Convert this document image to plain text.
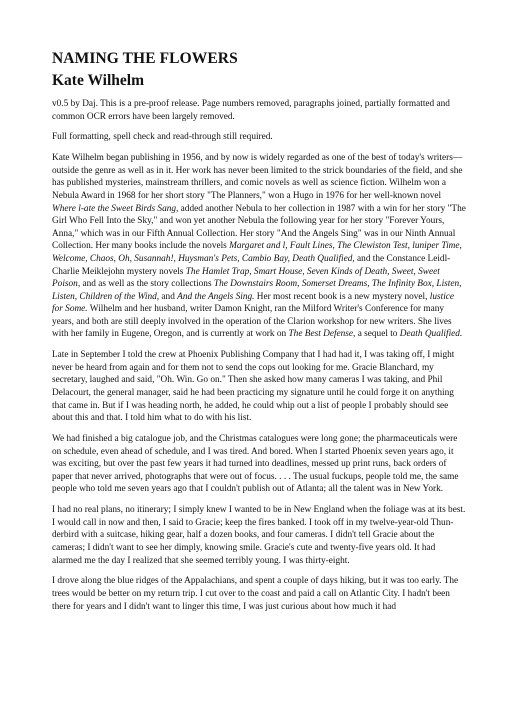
NAMING THE FLOWERS
Kate Wilhelm

v0.5 by Daj. This is a pre-proof release. Page numbers removed, paragraphs joined, partially formatted and common OCR errors have been largely removed.

Full formatting, spell check and read-through still required.

Kate Wilhelm began publishing in 1956, and by now is widely regarded as one of the best of today's writers—outside the genre as well as in it. Her work has never been limited to the strick boundaries of the field, and she has published mysteries, mainstream thrillers, and comic novels as well as science fiction. Wilhelm won a Nebula Award in 1968 for her short story "The Planners," won a Hugo in 1976 for her well-known novel Where l-ate the Sweet Birds Sang, added another Nebula to her collection in 1987 with a win for her story "The Girl Who Fell Into the Sky," and won yet another Nebula the following year for her story "Forever Yours, Anna," which was in our Fifth Annual Collection. Her story "And the Angels Sing" was in our Ninth Annual Collection. Her many books include the novels Margaret and l, Fault Lines, The Clewiston Test, luniper Time, Welcome, Chaos, Oh, Susannah!, Huysman's Pets, Cambio Bay, Death Qualified, and the Constance Leidl-Charlie Meiklejohn mystery novels The Hamlet Trap, Smart House, Seven Kinds of Death, Sweet, Sweet Poison, and as well as the story collections The Downstairs Room, Somerset Dreams, The Infinity Box, Listen, Listen, Children of the Wind, and And the Angels Sing. Her most recent book is a new mystery novel, lustice for Some. Wilhelm and her husband, writer Damon Knight, ran the Milford Writer's Conference for many years, and both are still deeply involved in the operation of the Clarion workshop for new writers. She lives with her family in Eugene, Oregon, and is currently at work on The Best Defense, a sequel to Death Qualified.

Late in September I told the crew at Phoenix Publishing Company that I had had it, I was taking off, I might never be heard from again and for them not to send the cops out looking for me. Gracie Blanchard, my secretary, laughed and said, "Oh. Win. Go on." Then she asked how many cameras I was taking, and Phil Delacourt, the general manager, said he had been practicing my signature until he could forge it on anything that came in. But if I was heading north, he added, he could whip out a list of people I probably should see about this and that. I told him what to do with his list.

We had finished a big catalogue job, and the Christmas catalogues were long gone; the pharmaceuticals were on schedule, even ahead of schedule, and I was tired. And bored. When I started Phoenix seven years ago, it was exciting, but over the past few years it had turned into deadlines, messed up print runs, back orders of paper that never arrived, photographs that were out of focus. . . . The usual fuckups, people told me, the same people who told me seven years ago that I couldn't publish out of Atlanta; all the talent was in New York.

I had no real plans, no itinerary; I simply knew I wanted to be in New England when the foliage was at its best. I would call in now and then, I said to Gracie; keep the fires banked. I took off in my twelve-year-old Thun-derbird with a suitcase, hiking gear, half a dozen books, and four cameras. I didn't tell Gracie about the cameras; I didn't want to see her dimply, knowing smile. Gracie's cute and twenty-five years old. It had alarmed me the day I realized that she seemed terribly young. I was thirty-eight.

I drove along the blue ridges of the Appalachians, and spent a couple of days hiking, but it was too early. The trees would be better on my return trip. I cut over to the coast and paid a call on Atlantic City. I hadn't been there for years and I didn't want to linger this time, I was just curious about how much it had
